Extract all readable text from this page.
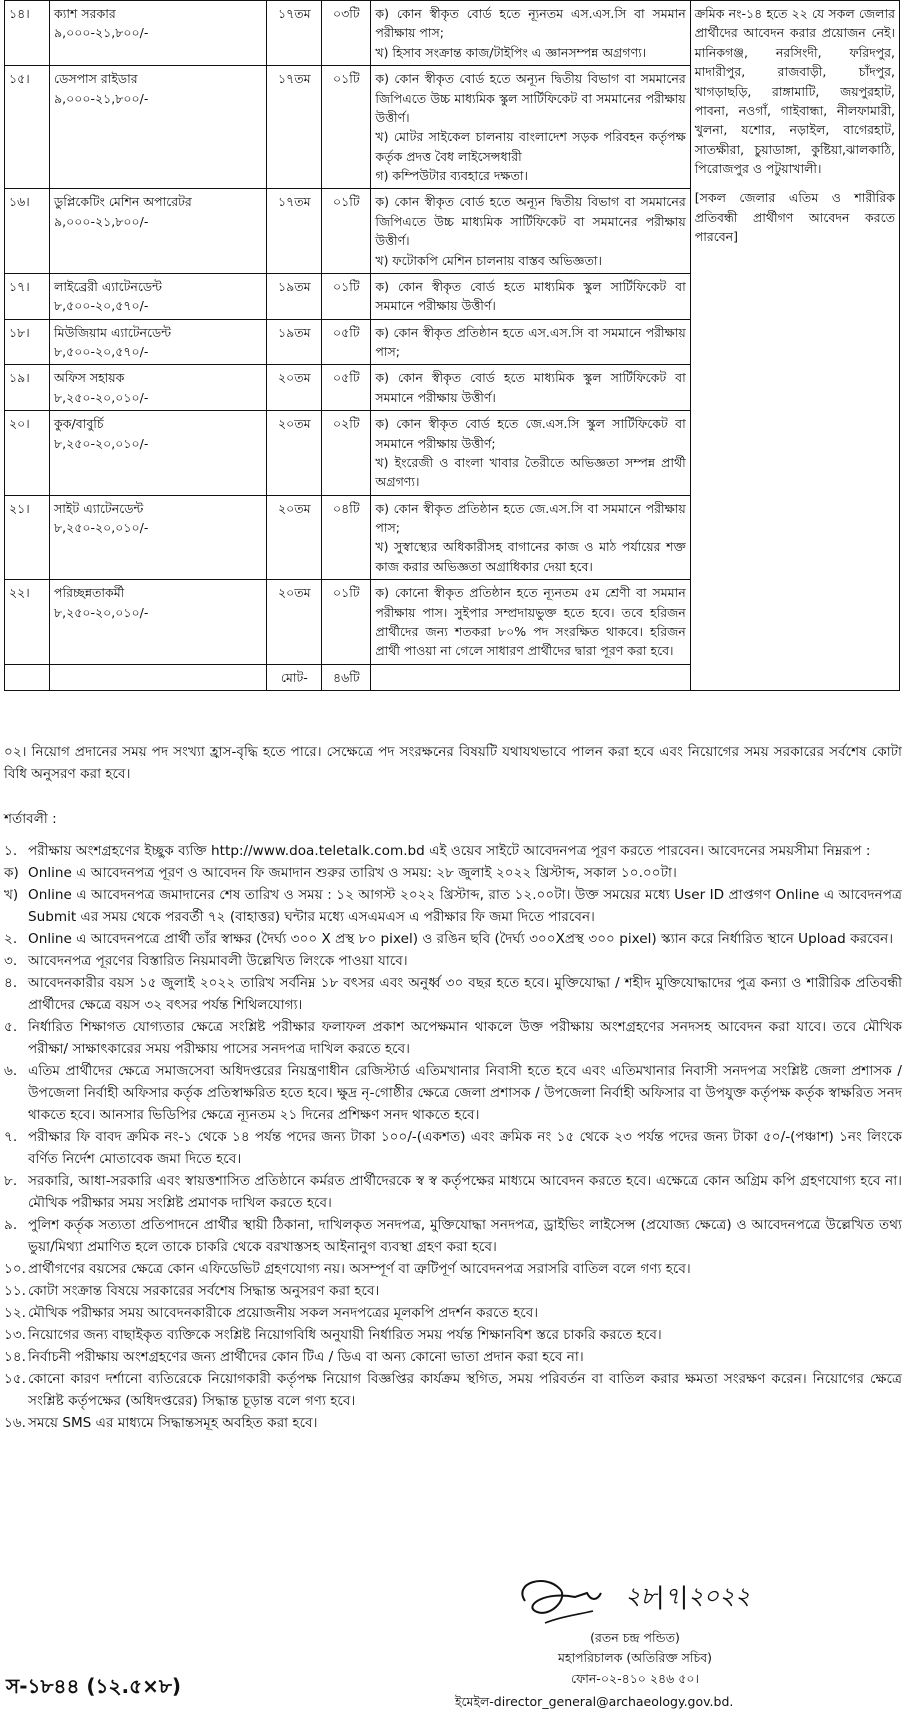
১৪।	ক্যাশ সরকার
৯,০০০-২১,৮০০/-	১৭তম	০৩টি	ক) কোন স্বীকৃত বোর্ড হতে ন্যূনতম এস.এস.সি বা সমমান পরীক্ষায় পাস;
খ) হিসাব সংক্রান্ত কাজ/টাইপিং এ জ্ঞানসম্পন্ন অগ্রগণ্য।	ক্রমিক নং-১৪ হতে ২২ যে সকল জেলার প্রার্থীদের আবেদন করার প্রয়োজন নেই। মানিকগঞ্জ, নরসিংদী, ফরিদপুর, মাদারীপুর, রাজবাড়ী, চাঁদপুর, খাগড়াছড়ি, রাঙ্গামাটি, জয়পুরহাট, পাবনা, নওগাঁ, গাইবান্ধা, নীলফামারী, খুলনা, যশোর, নড়াইল, বাগেরহাট, সাতক্ষীরা, চুয়াডাঙ্গা, কুষ্টিয়া,ঝালকাঠি, পিরোজপুর ও পটুয়াখালী।
[সকল জেলার এতিম ও শারীরিক প্রতিবন্ধী প্রার্থীগণ আবেদন করতে পারবেন]

১৫।	ডেসপাস রাইডার
৯,০০০-২১,৮০০/-	১৭তম	০১টি	ক) কোন স্বীকৃত বোর্ড হতে অন্যূন দ্বিতীয় বিভাগ বা সমমানের জিপিএতে উচ্চ মাধ্যমিক স্কুল সার্টিফিকেট বা সমমানের পরীক্ষায় উত্তীর্ণ।
খ) মোটর সাইকেল চালনায় বাংলাদেশ সড়ক পরিবহন কর্তৃপক্ষ কর্তৃক প্রদত্ত বৈধ লাইসেন্সধারী
গ) কম্পিউটার ব্যবহারে দক্ষতা।	

১৬।	ডুপ্লিকেটিং মেশিন অপারেটর
৯,০০০-২১,৮০০/-	১৭তম	০১টি	ক) কোন স্বীকৃত বোর্ড হতে অন্যূন দ্বিতীয় বিভাগ বা সমমানের জিপিএতে উচ্চ মাধ্যমিক সার্টিফিকেট বা সমমানের পরীক্ষায় উত্তীর্ণ।
খ) ফটোকপি মেশিন চালনায় বাস্তব অভিজ্ঞতা।	

১৭।	লাইব্রেরী এ্যাটেনডেন্ট
৮,৫০০-২০,৫৭০/-	১৯তম	০১টি	ক) কোন স্বীকৃত বোর্ড হতে মাধ্যমিক স্কুল সার্টিফিকেট বা সমমানে পরীক্ষায় উত্তীর্ণ।	

১৮।	মিউজিয়াম এ্যাটেনডেন্ট
৮,৫০০-২০,৫৭০/-	১৯তম	০৫টি	ক) কোন স্বীকৃত প্রতিষ্ঠান হতে এস.এস.সি বা সমমানে পরীক্ষায় পাস;	

১৯।	অফিস সহায়ক
৮,২৫০-২০,০১০/-	২০তম	০৫টি	ক) কোন স্বীকৃত বোর্ড হতে মাধ্যমিক স্কুল সার্টিফিকেট বা সমমানে পরীক্ষায় উত্তীর্ণ।	

২০।	কুক/বাবুর্চি
৮,২৫০-২০,০১০/-	২০তম	০২টি	ক) কোন স্বীকৃত বোর্ড হতে জে.এস.সি স্কুল সার্টিফিকেট বা সমমানে পরীক্ষায় উত্তীর্ণ;
খ) ইংরেজী ও বাংলা খাবার তৈরীতে অভিজ্ঞতা সম্পন্ন প্রার্থী অগ্রগণ্য।	

২১।	সাইট এ্যাটেনডেন্ট
৮,২৫০-২০,০১০/-	২০তম	০৪টি	ক) কোন স্বীকৃত প্রতিষ্ঠান হতে জে.এস.সি বা সমমানে পরীক্ষায় পাস;
খ) সুস্বাস্থ্যের অধিকারীসহ বাগানের কাজ ও মাঠ পর্যায়ের শক্ত কাজ করার অভিজ্ঞতা অগ্রাধিকার দেয়া হবে।	

২২।	পরিচ্ছন্নতাকর্মী
৮,২৫০-২০,০১০/-	২০তম	০১টি	ক) কোনো স্বীকৃত প্রতিষ্ঠান হতে ন্যূনতম ৫ম শ্রেণী বা সমমান পরীক্ষায় পাস। সুইপার সম্প্রদায়ভুক্ত হতে হবে। তবে হরিজন প্রার্থীদের জন্য শতকরা ৮০% পদ সংরক্ষিত থাকবে। হরিজন প্রার্থী পাওয়া না গেলে সাধারণ প্রার্থীদের দ্বারা পূরণ করা হবে।	

		মোট-	৪৬টি		
০২। নিয়োগ প্রদানের সময় পদ সংখ্যা হ্রাস-বৃদ্ধি হতে পারে। সেক্ষেত্রে পদ সংরক্ষনের বিষয়টি যথাযথভাবে পালন করা হবে এবং নিয়োগের সময় সরকারের সর্বশেষ কোটা বিধি অনুসরণ করা হবে।
শর্তাবলী :
১. পরীক্ষায় অংশগ্রহণের ইচ্ছুক ব্যক্তি http://www.doa.teletalk.com.bd এই ওয়েব সাইটে আবেদনপত্র পূরণ করতে পারবেন। আবেদনের সময়সীমা নিম্নরূপ :
ক) Online এ আবেদনপত্র পূরণ ও আবেদন ফি জমাদান শুরুর তারিখ ও সময়: ২৮ জুলাই ২০২২ খ্রিস্টাব্দ, সকাল ১০.০০টা।
খ) Online এ আবেদনপত্র জমাদানের শেষ তারিখ ও সময় : ১২ আগস্ট ২০২২ খ্রিস্টাব্দ, রাত ১২.০০টা। উক্ত সময়ের মধ্যে User ID প্রাপ্তগণ Online এ আবেদনপত্র Submit এর সময় থেকে পরবর্তী ৭২ (বাহাত্তর) ঘন্টার মধ্যে এসএমএস এ পরীক্ষার ফি জমা দিতে পারবেন।
২. Online এ আবেদনপত্রে প্রার্থী তাঁর স্বাক্ষর (দৈর্ঘ্য ৩০০ X প্রস্থ ৮০ pixel) ও রঙিন ছবি (দৈর্ঘ্য ৩০০Xপ্রস্থ ৩০০ pixel) স্ক্যান করে নির্ধারিত স্থানে Upload করবেন।
৩. আবেদনপত্র পূরণের বিস্তারিত নিয়মাবলী উল্লেখিত লিংকে পাওয়া যাবে।
৪. আবেদনকারীর বয়স ১৫ জুলাই ২০২২ তারিখ সর্বনিম্ন ১৮ বৎসর এবং অনুর্ধ্ব ৩০ বছর হতে হবে। মুক্তিযোদ্ধা / শহীদ মুক্তিযোদ্ধাদের পুত্র কন্যা ও শারীরিক প্রতিবন্ধী প্রার্থীদের ক্ষেত্রে বয়স ৩২ বৎসর পর্যন্ত শিথিলযোগ্য।
৫. নির্ধারিত শিক্ষাগত যোগ্যতার ক্ষেত্রে সংশ্লিষ্ট পরীক্ষার ফলাফল প্রকাশ অপেক্ষমান থাকলে উক্ত পরীক্ষায় অংশগ্রহণের সনদসহ আবেদন করা যাবে। তবে মৌখিক পরীক্ষা/ সাক্ষাৎকারের সময় পরীক্ষায় পাসের সনদপত্র দাখিল করতে হবে।
৬. এতিম প্রার্থীদের ক্ষেত্রে সমাজসেবা অধিদপ্তরের নিয়ন্ত্রণাধীন রেজিস্টার্ড এতিমখানার নিবাসী হতে হবে এবং এতিমখানার নিবাসী সনদপত্র সংশ্লিষ্ট জেলা প্রশাসক / উপজেলা নির্বাহী অফিসার কর্তৃক প্রতিস্বাক্ষরিত হতে হবে। ক্ষুদ্র নৃ-গোষ্ঠীর ক্ষেত্রে জেলা প্রশাসক / উপজেলা নির্বাহী অফিসার বা উপযুক্ত কর্তৃপক্ষ কর্তৃক স্বাক্ষরিত সনদ থাকতে হবে। আনসার ভিডিপির ক্ষেত্রে ন্যূনতম ২১ দিনের প্রশিক্ষণ সনদ থাকতে হবে।
৭. পরীক্ষার ফি বাবদ ক্রমিক নং-১ থেকে ১৪ পর্যন্ত পদের জন্য টাকা ১০০/-(একশত) এবং ক্রমিক নং ১৫ থেকে ২৩ পর্যন্ত পদের জন্য টাকা ৫০/-(পঞ্চাশ) ১নং লিংকে বর্ণিত নির্দেশ মোতাবেক জমা দিতে হবে।
৮. সরকারি, আধা-সরকারি এবং স্বায়ত্তশাসিত প্রতিষ্ঠানে কর্মরত প্রার্থীদেরকে স্ব স্ব কর্তৃপক্ষের মাধ্যমে আবেদন করতে হবে। এক্ষেত্রে কোন অগ্রিম কপি গ্রহণযোগ্য হবে না। মৌখিক পরীক্ষার সময় সংশ্লিষ্ট প্রমাণক দাখিল করতে হবে।
৯. পুলিশ কর্তৃক সত্যতা প্রতিপাদনে প্রার্থীর স্থায়ী ঠিকানা, দাখিলকৃত সনদপত্র, মুক্তিযোদ্ধা সনদপত্র, ড্রাইভিং লাইসেন্স (প্রযোজ্য ক্ষেত্রে) ও আবেদনপত্রে উল্লেখিত তথ্য ভুয়া/মিথ্যা প্রমাণিত হলে তাকে চাকরি থেকে বরখাস্তসহ আইনানুগ ব্যবস্থা গ্রহণ করা হবে।
১০. প্রার্থীগণের বয়সের ক্ষেত্রে কোন এফিডেভিট গ্রহণযোগ্য নয়। অসম্পূর্ণ বা ত্রুটিপূর্ণ আবেদনপত্র সরাসরি বাতিল বলে গণ্য হবে।
১১. কোটা সংক্রান্ত বিষয়ে সরকারের সর্বশেষ সিদ্ধান্ত অনুসরণ করা হবে।
১২. মৌখিক পরীক্ষার সময় আবেদনকারীকে প্রয়োজনীয় সকল সনদপত্রের মূলকপি প্রদর্শন করতে হবে।
১৩. নিয়োগের জন্য বাছাইকৃত ব্যক্তিকে সংশ্লিষ্ট নিয়োগবিধি অনুযায়ী নির্ধারিত সময় পর্যন্ত শিক্ষানবিশ স্তরে চাকরি করতে হবে।
১৪. নির্বাচনী পরীক্ষায় অংশগ্রহণের জন্য প্রার্থীদের কোন টিএ / ডিএ বা অন্য কোনো ভাতা প্রদান করা হবে না।
১৫. কোনো কারণ দর্শানো ব্যতিরেকে নিয়োগকারী কর্তৃপক্ষ নিয়োগ বিজ্ঞপ্তির কার্যক্রম স্থগিত, সময় পরিবর্তন বা বাতিল করার ক্ষমতা সংরক্ষণ করেন। নিয়োগের ক্ষেত্রে সংশ্লিষ্ট কর্তৃপক্ষের (অধিদপ্তরের) সিদ্ধান্ত চূড়ান্ত বলে গণ্য হবে।
১৬. সময়ে SMS এর মাধ্যমে সিদ্ধান্তসমূহ অবহিত করা হবে।
২৮|৭|২০২২
(রতন চন্দ্র পন্ডিত)
মহাপরিচালক (অতিরিক্ত সচিব)
ফোন-০২-৪১০ ২৪৬ ৫০।
স-১৮৪৪ (১২.৫×৮)
ইমেইল-director_general@archaeology.gov.bd.
